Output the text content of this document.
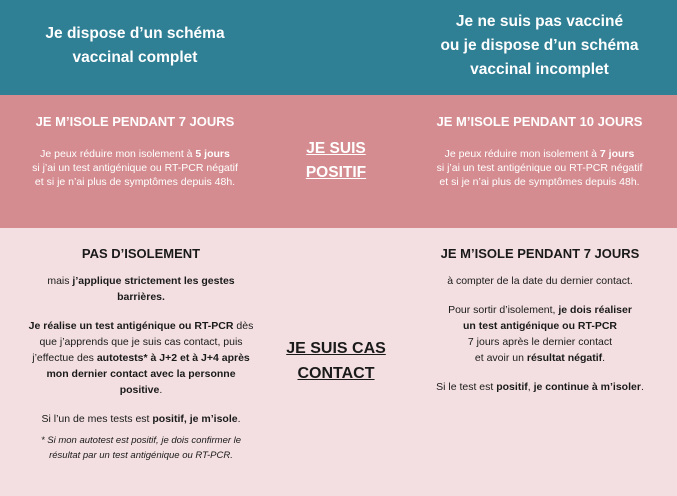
Je dispose d’un schéma
vaccinal complet
Je ne suis pas vacciné
ou je dispose d’un schéma
vaccinal incomplet
JE M’ISOLE PENDANT 7 JOURS
Je peux réduire mon isolement à 5 jours
si j’ai un test antigénique ou RT-PCR négatif
et si je n’ai plus de symptômes depuis 48h.
JE SUIS
POSITIF
JE M’ISOLE PENDANT 10 JOURS
Je peux réduire mon isolement à 7 jours
si j’ai un test antigénique ou RT-PCR négatif
et si je n’ai plus de symptômes depuis 48h.
PAS D’ISOLEMENT
mais j’applique strictement les gestes
barrières.
Je réalise un test antigénique ou RT-PCR dès
que j’apprends que je suis cas contact, puis
j’effectue des autotests* à J+2 et à J+4 après
mon dernier contact avec la personne
positive.
Si l’un de mes tests est positif, je m’isole.
* Si mon autotest est positif, je dois confirmer le
résultat par un test antigénique ou RT-PCR.
JE SUIS CAS
CONTACT
JE M’ISOLE PENDANT 7 JOURS
à compter de la date du dernier contact.
Pour sortir d’isolement, je dois réaliser
un test antigénique ou RT-PCR
7 jours après le dernier contact
et avoir un résultat négatif.
Si le test est positif, je continue à m’isoler.
